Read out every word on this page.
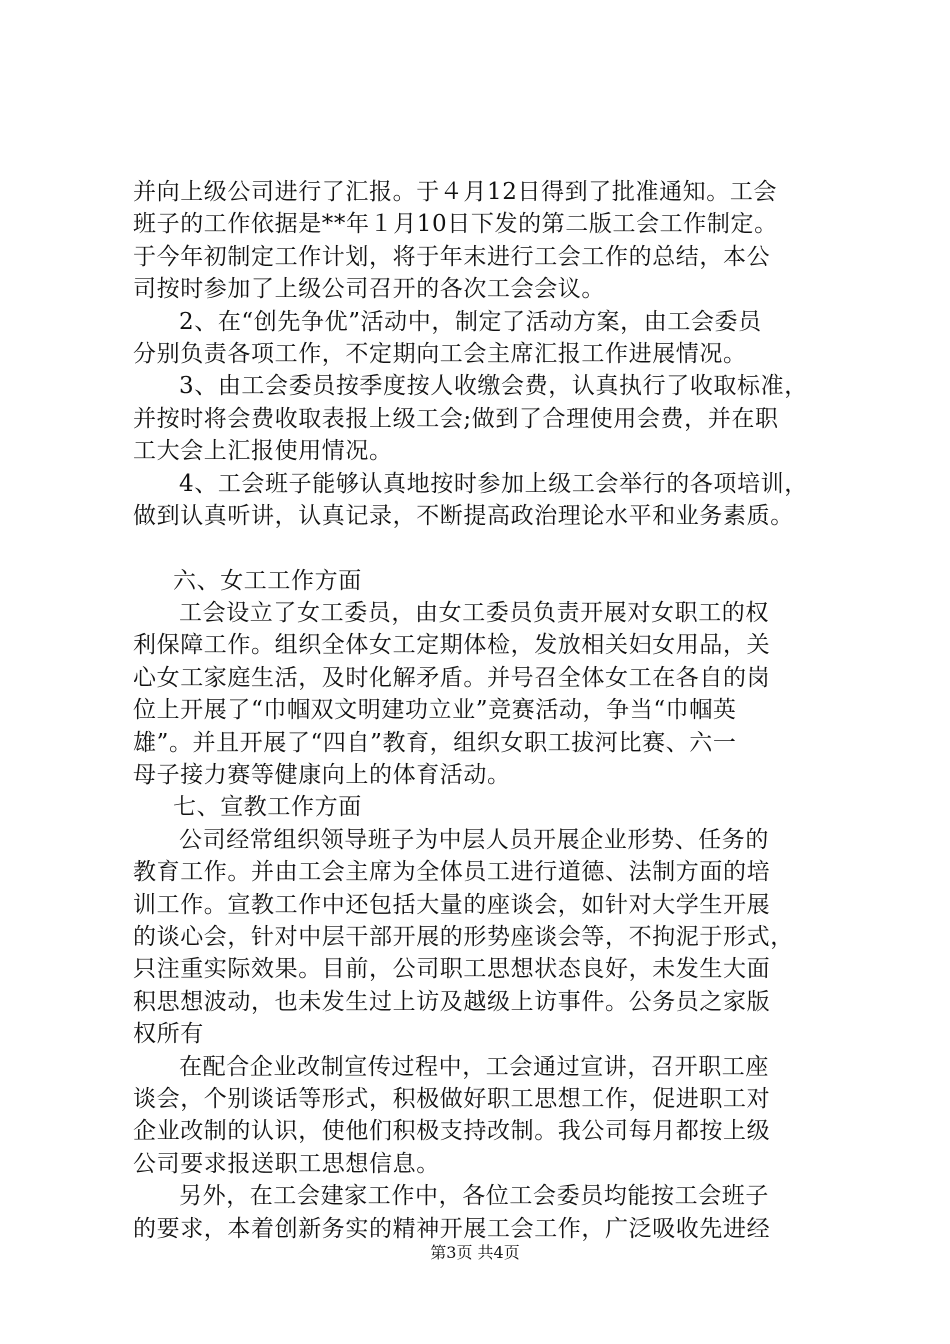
并向上级公司进行了汇报。于４月12日得到了批准通知。工会
班子的工作依据是**年１月10日下发的第二版工会工作制定。
于今年初制定工作计划，将于年末进行工会工作的总结，本公
司按时参加了上级公司召开的各次工会会议。
2、在“创先争优”活动中，制定了活动方案，由工会委员
分别负责各项工作，不定期向工会主席汇报工作进展情况。
3、由工会委员按季度按人收缴会费，认真执行了收取标准，
并按时将会费收取表报上级工会;做到了合理使用会费，并在职
工大会上汇报使用情况。
4、工会班子能够认真地按时参加上级工会举行的各项培训，
做到认真听讲，认真记录，不断提高政治理论水平和业务素质。
六、女工工作方面
工会设立了女工委员，由女工委员负责开展对女职工的权
利保障工作。组织全体女工定期体检，发放相关妇女用品，关
心女工家庭生活，及时化解矛盾。并号召全体女工在各自的岗
位上开展了“巾帼双文明建功立业”竞赛活动，争当“巾帼英
雄”。并且开展了“四自”教育，组织女职工拔河比赛、六一
母子接力赛等健康向上的体育活动。
七、宣教工作方面
公司经常组织领导班子为中层人员开展企业形势、任务的
教育工作。并由工会主席为全体员工进行道德、法制方面的培
训工作。宣教工作中还包括大量的座谈会，如针对大学生开展
的谈心会，针对中层干部开展的形势座谈会等，不拘泥于形式，
只注重实际效果。目前，公司职工思想状态良好，未发生大面
积思想波动，也未发生过上访及越级上访事件。公务员之家版
权所有
在配合企业改制宣传过程中，工会通过宣讲，召开职工座
谈会，个别谈话等形式，积极做好职工思想工作，促进职工对
企业改制的认识，使他们积极支持改制。我公司每月都按上级
公司要求报送职工思想信息。
另外，在工会建家工作中，各位工会委员均能按工会班子
的要求，本着创新务实的精神开展工会工作，广泛吸收先进经
第3页 共4页
